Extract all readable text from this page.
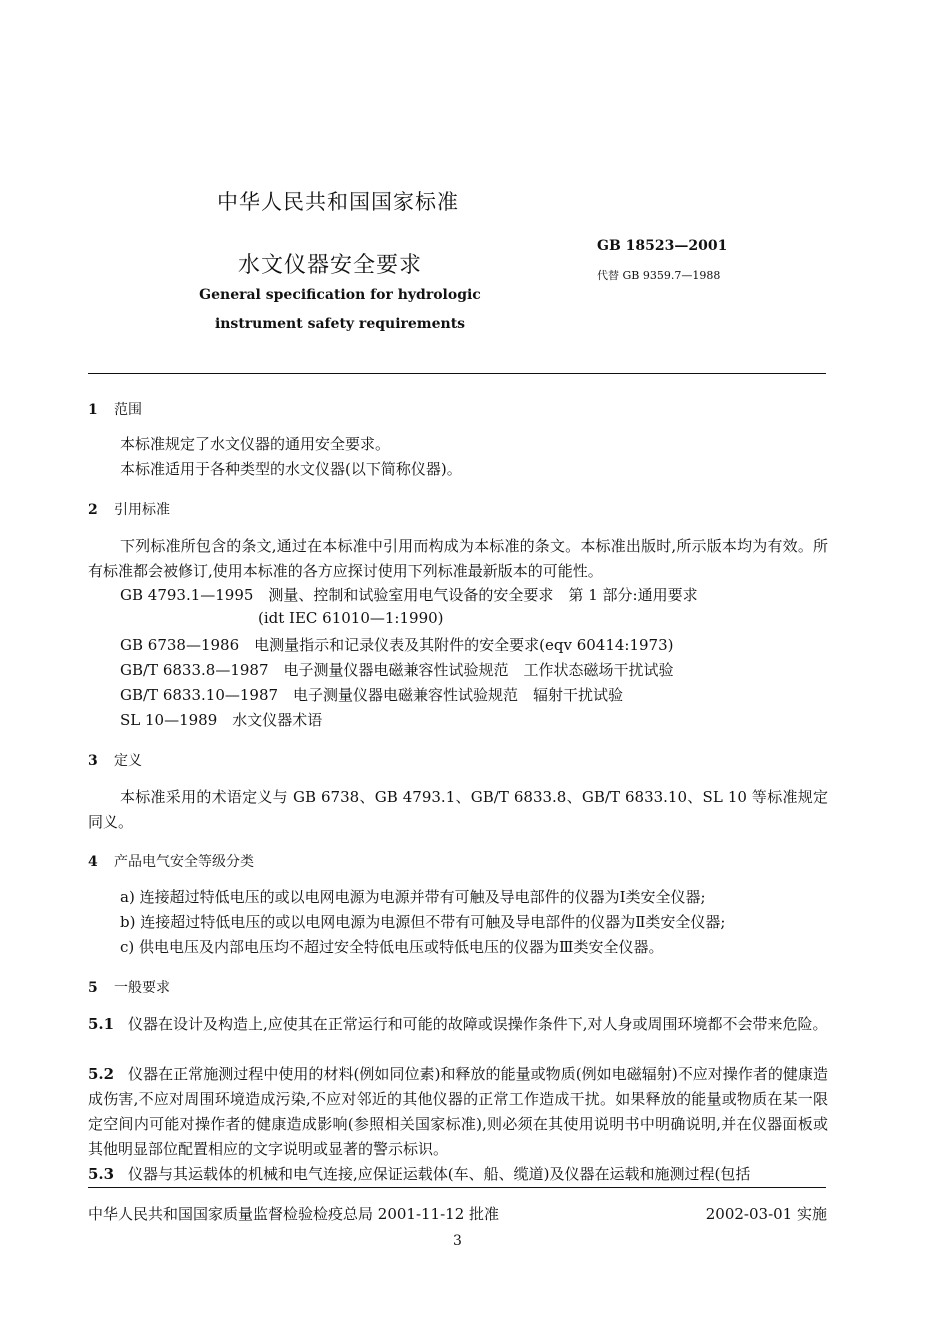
中华人民共和国国家标准
水文仪器安全要求
General specification for hydrologic
instrument safety requirements
GB 18523—2001
代替 GB 9359.7—1988
1 范围
本标准规定了水文仪器的通用安全要求。
本标准适用于各种类型的水文仪器(以下简称仪器)。
2 引用标准
下列标准所包含的条文,通过在本标准中引用而构成为本标准的条文。本标准出版时,所示版本均为有效。所有标准都会被修订,使用本标准的各方应探讨使用下列标准最新版本的可能性。
GB 4793.1—1995　测量、控制和试验室用电气设备的安全要求　第 1 部分:通用要求
(idt IEC 61010—1:1990)
GB 6738—1986　电测量指示和记录仪表及其附件的安全要求(eqv 60414:1973)
GB/T 6833.8—1987　电子测量仪器电磁兼容性试验规范　工作状态磁场干扰试验
GB/T 6833.10—1987　电子测量仪器电磁兼容性试验规范　辐射干扰试验
SL 10—1989　水文仪器术语
3 定义
本标准采用的术语定义与 GB 6738、GB 4793.1、GB/T 6833.8、GB/T 6833.10、SL 10 等标准规定同义。
4 产品电气安全等级分类
a) 连接超过特低电压的或以电网电源为电源并带有可触及导电部件的仪器为Ⅰ类安全仪器;
b) 连接超过特低电压的或以电网电源为电源但不带有可触及导电部件的仪器为Ⅱ类安全仪器;
c) 供电电压及内部电压均不超过安全特低电压或特低电压的仪器为Ⅲ类安全仪器。
5 一般要求
5.1 仪器在设计及构造上,应使其在正常运行和可能的故障或误操作条件下,对人身或周围环境都不会带来危险。
5.2 仪器在正常施测过程中使用的材料(例如同位素)和释放的能量或物质(例如电磁辐射)不应对操作者的健康造成伤害,不应对周围环境造成污染,不应对邻近的其他仪器的正常工作造成干扰。如果释放的能量或物质在某一限定空间内可能对操作者的健康造成影响(参照相关国家标准),则必须在其使用说明书中明确说明,并在仪器面板或其他明显部位配置相应的文字说明或显著的警示标识。
5.3 仪器与其运载体的机械和电气连接,应保证运载体(车、船、缆道)及仪器在运载和施测过程(包括
中华人民共和国国家质量监督检验检疫总局 2001-11-12 批准	2002-03-01 实施
3
